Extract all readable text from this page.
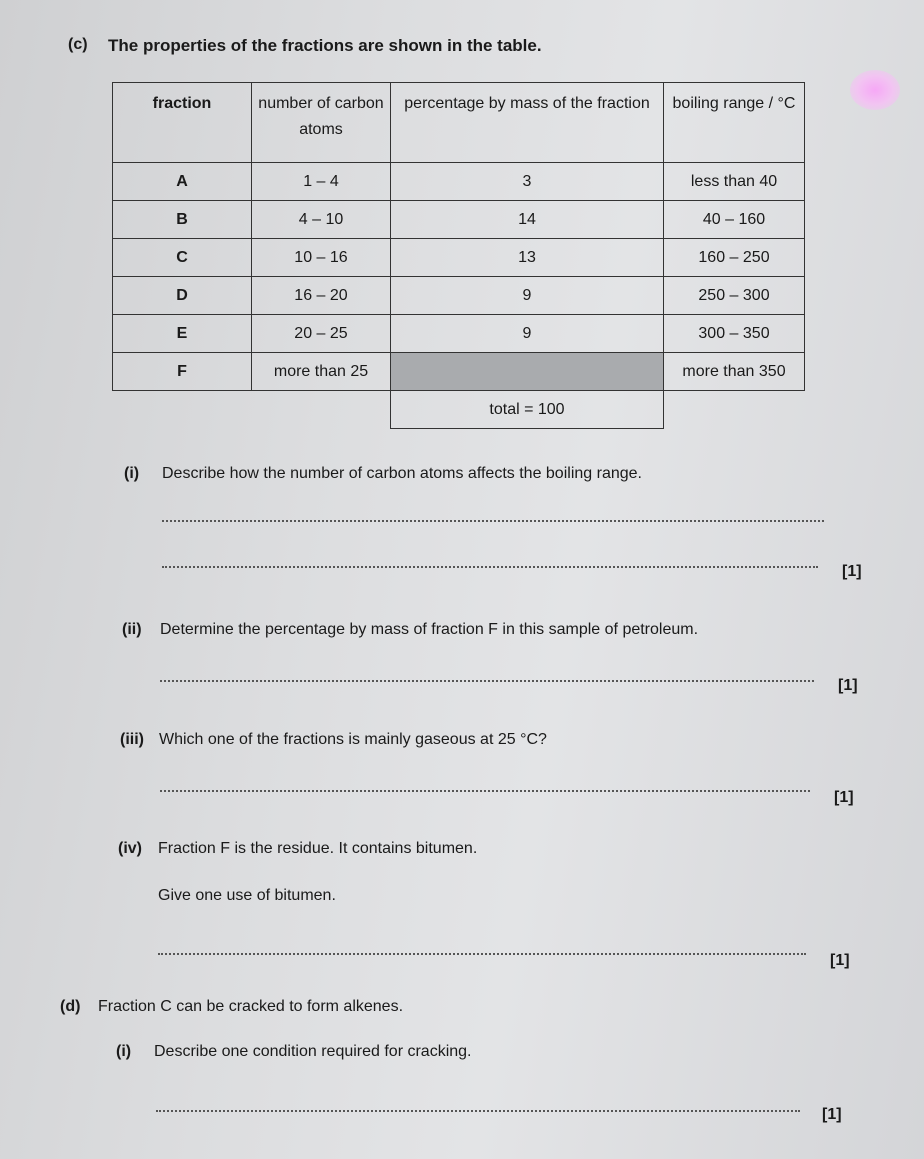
(c) The properties of the fractions are shown in the table.
fraction	number of carbon atoms	percentage by mass of the fraction	boiling range / °C
A	1 – 4	3	less than 40
B	4 – 10	14	40 – 160
C	10 – 16	13	160 – 250
D	16 – 20	9	250 – 300
E	20 – 25	9	300 – 350
F	more than 25		more than 350
		total = 100	
(i) Describe how the number of carbon atoms affects the boiling range.
[1]
(ii) Determine the percentage by mass of fraction F in this sample of petroleum.
[1]
(iii) Which one of the fractions is mainly gaseous at 25 °C?
[1]
(iv) Fraction F is the residue. It contains bitumen.
Give one use of bitumen.
[1]
(d) Fraction C can be cracked to form alkenes.
(i) Describe one condition required for cracking.
[1]
